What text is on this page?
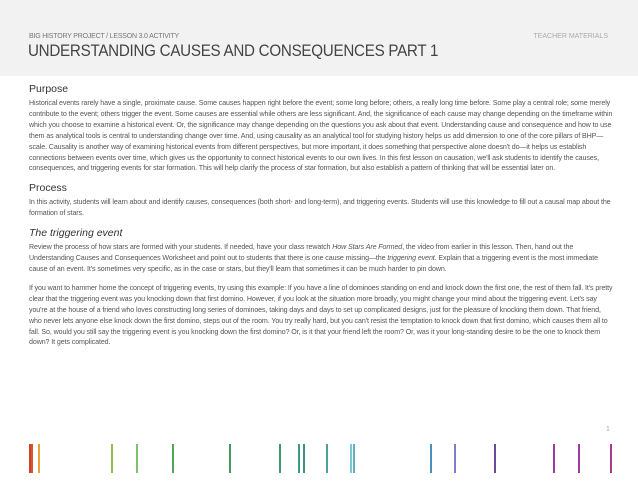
BIG HISTORY PROJECT / LESSON 3.0 ACTIVITY	TEACHER MATERIALS
UNDERSTANDING CAUSES AND CONSEQUENCES PART 1
Purpose

Historical events rarely have a single, proximate cause. Some causes happen right before the event; some long before; others, a really long time before. Some play a central role; some merely contribute to the event; others trigger the event. Some causes are essential while others are less significant. And, the significance of each cause may change depending on the timeframe within which you choose to examine a historical event. Or, the significance may change depending on the questions you ask about that event. Understanding cause and consequence and how to use them as analytical tools is central to understanding change over time. And, using causality as an analytical tool for studying history helps us add dimension to one of the core pillars of BHP—scale. Causality is another way of examining historical events from different perspectives, but more important, it does something that perspective alone doesn't do—it helps us establish connections between events over time, which gives us the opportunity to connect historical events to our own lives. In this first lesson on causation, we'll ask students to identify the causes, consequences, and triggering events for star formation. This will help clarify the process of star formation, but also establish a pattern of thinking that will be essential later on.

Process

In this activity, students will learn about and identify causes, consequences (both short- and long-term), and triggering events. Students will use this knowledge to fill out a causal map about the formation of stars.

The triggering event

Review the process of how stars are formed with your students. If needed, have your class rewatch How Stars Are Formed, the video from earlier in this lesson. Then, hand out the Understanding Causes and Consequences Worksheet and point out to students that there is one cause missing—the triggering event. Explain that a triggering event is the most immediate cause of an event. It's sometimes very specific, as in the case or stars, but they'll learn that sometimes it can be much harder to pin down.

If you want to hammer home the concept of triggering events, try using this example: If you have a line of dominoes standing on end and knock down the first one, the rest of them fall. It's pretty clear that the triggering event was you knocking down that first domino. However, if you look at the situation more broadly, you might change your mind about the triggering event. Let's say you're at the house of a friend who loves constructing long series of dominoes, taking days and days to set up complicated designs, just for the pleasure of knocking them down. That friend, who never lets anyone else knock down the first domino, steps out of the room. You try really hard, but you can't resist the temptation to knock down that first domino, which causes them all to fall. So, would you still say the triggering event is you knocking down the first domino? Or, is it that your friend left the room? Or, was it your long-standing desire to be the one to knock them down? It gets complicated.

1
